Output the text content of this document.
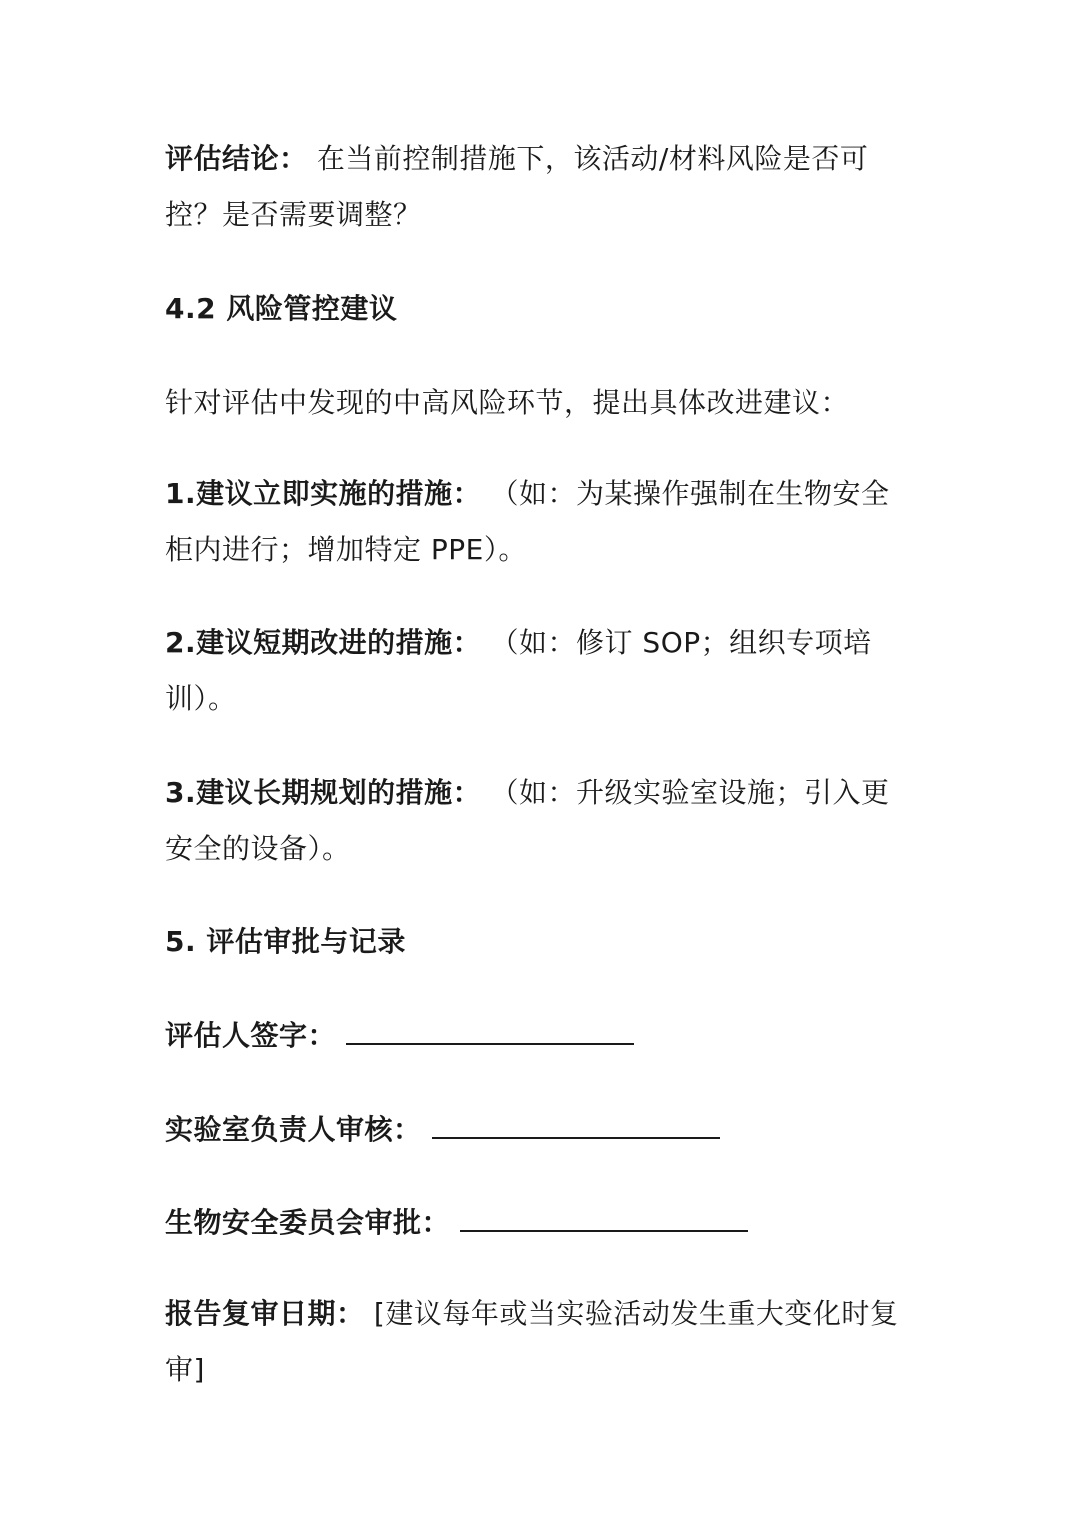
评估结论： 在当前控制措施下，该活动/材料风险是否可控？是否需要调整？

4.2 风险管控建议

针对评估中发现的中高风险环节，提出具体改进建议：

1.建议立即实施的措施： （如：为某操作强制在生物安全柜内进行；增加特定 PPE）。

2.建议短期改进的措施： （如：修订 SOP；组织专项培训）。

3.建议长期规划的措施： （如：升级实验室设施；引入更安全的设备）。

5. 评估审批与记录

评估人签字：

实验室负责人审核：

生物安全委员会审批：

报告复审日期： [建议每年或当实验活动发生重大变化时复审]
